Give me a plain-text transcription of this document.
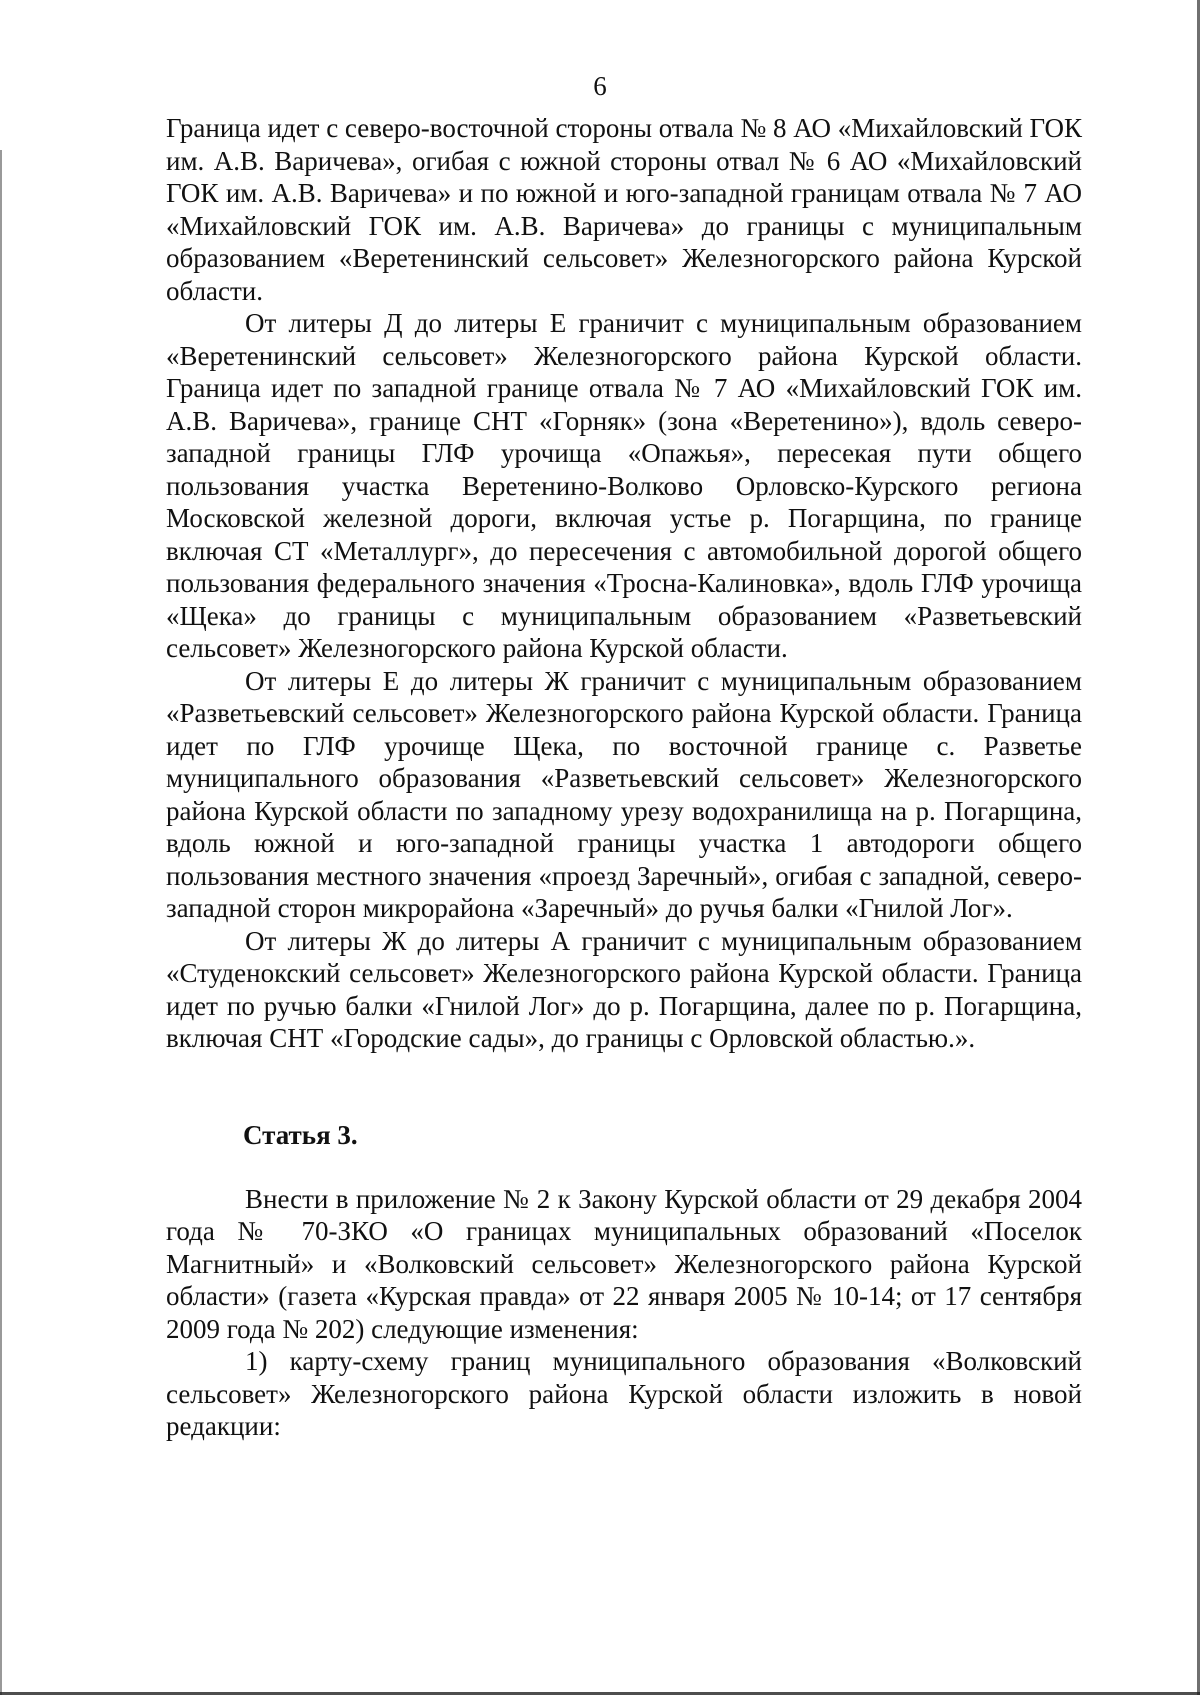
6

Граница идет с северо-восточной стороны отвала № 8 АО «Михайловский ГОК им. А.В. Варичева», огибая с южной стороны отвал № 6 АО «Михайловский ГОК им. А.В. Варичева» и по южной и юго-западной границам отвала № 7 АО «Михайловский ГОК им. А.В. Варичева» до границы с муниципальным образованием «Веретенинский сельсовет» Железногорского района Курской области.

От литеры Д до литеры Е граничит с муниципальным образованием «Веретенинский сельсовет» Железногорского района Курской области. Граница идет по западной границе отвала № 7 АО «Михайловский ГОК им. А.В. Варичева», границе СНТ «Горняк» (зона «Веретенино»), вдоль северо-западной границы ГЛФ урочища «Опажья», пересекая пути общего пользования участка Веретенино-Волково Орловско-Курского региона Московской железной дороги, включая устье р. Погарщина, по границе включая СТ «Металлург», до пересечения с автомобильной дорогой общего пользования федерального значения «Тросна-Калиновка», вдоль ГЛФ урочища «Щека» до границы с муниципальным образованием «Разветьевский сельсовет» Железногорского района Курской области.

От литеры Е до литеры Ж граничит с муниципальным образованием «Разветьевский сельсовет» Железногорского района Курской области. Граница идет по ГЛФ урочище Щека, по восточной границе с. Разветье муниципального образования «Разветьевский сельсовет» Железногорского района Курской области по западному урезу водохранилища на р. Погарщина, вдоль южной и юго-западной границы участка 1 автодороги общего пользования местного значения «проезд Заречный», огибая с западной, северо-западной сторон микрорайона «Заречный» до ручья балки «Гнилой Лог».

От литеры Ж до литеры А граничит с муниципальным образованием «Студенокский сельсовет» Железногорского района Курской области. Граница идет по ручью балки «Гнилой Лог» до р. Погарщина, далее по р. Погарщина, включая СНТ «Городские сады», до границы с Орловской областью.».

Статья 3.

Внести в приложение № 2 к Закону Курской области от 29 декабря 2004 года № 70-ЗКО «О границах муниципальных образований «Поселок Магнитный» и «Волковский сельсовет» Железногорского района Курской области» (газета «Курская правда» от 22 января 2005 № 10-14; от 17 сентября 2009 года № 202) следующие изменения:

1) карту-схему границ муниципального образования «Волковский сельсовет» Железногорского района Курской области изложить в новой редакции:
